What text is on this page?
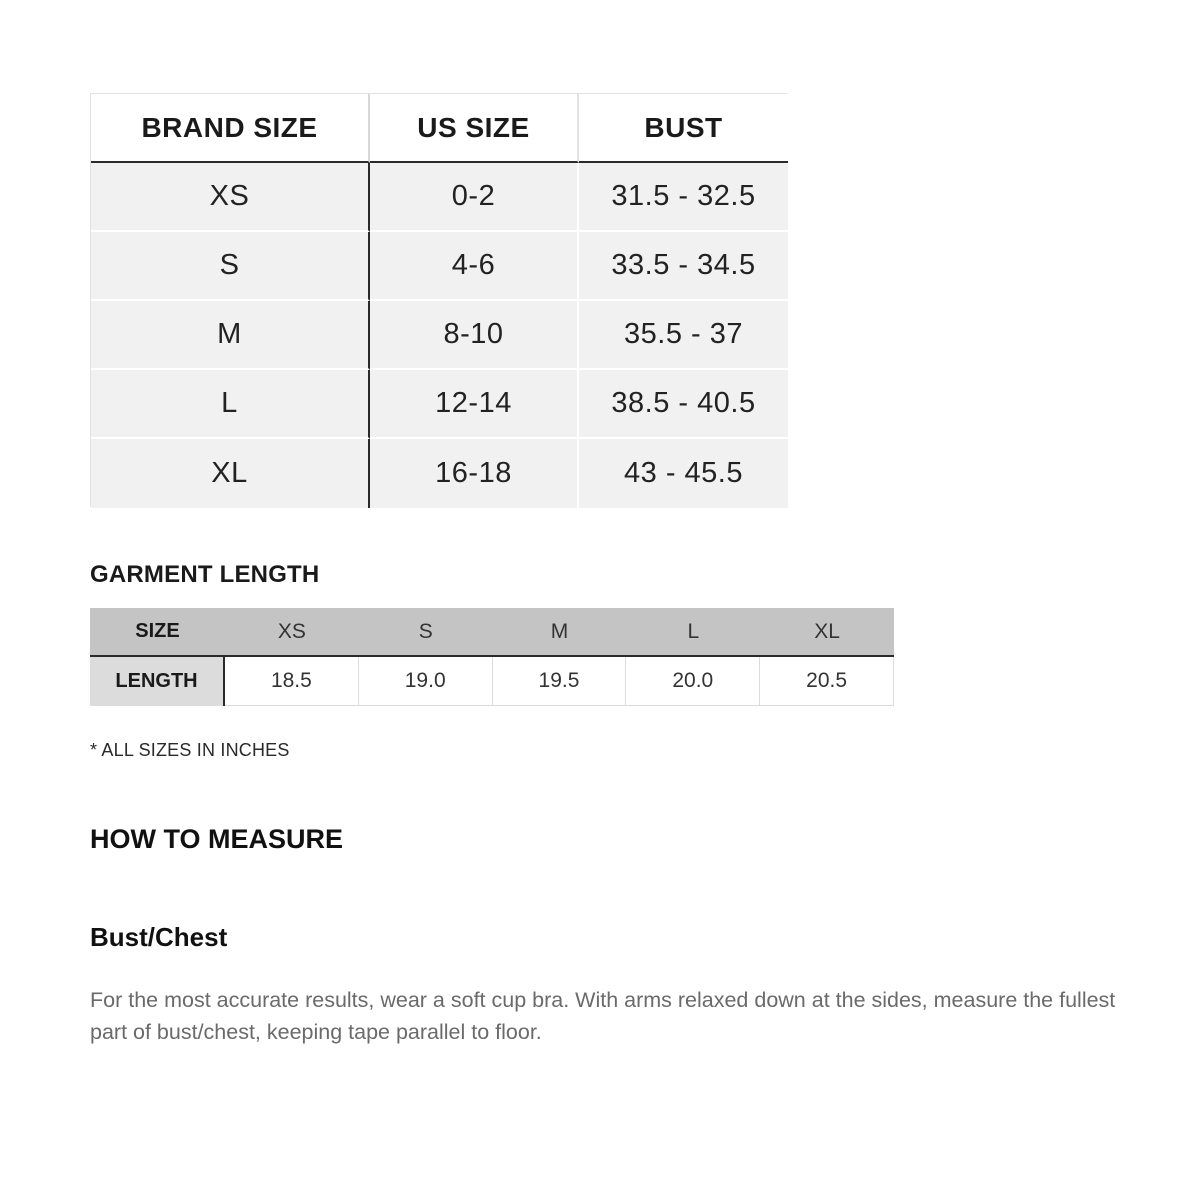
BRAND SIZE	US SIZE	BUST
XS	0-2	31.5 - 32.5
S	4-6	33.5 - 34.5
M	8-10	35.5 - 37
L	12-14	38.5 - 40.5
XL	16-18	43 - 45.5
GARMENT LENGTH
SIZE	XS	S	M	L	XL
LENGTH	18.5	19.0	19.5	20.0	20.5

* ALL SIZES IN INCHES

HOW TO MEASURE
Bust/Chest

For the most accurate results, wear a soft cup bra. With arms relaxed down at the sides, measure the fullest part of bust/chest, keeping tape parallel to floor.
